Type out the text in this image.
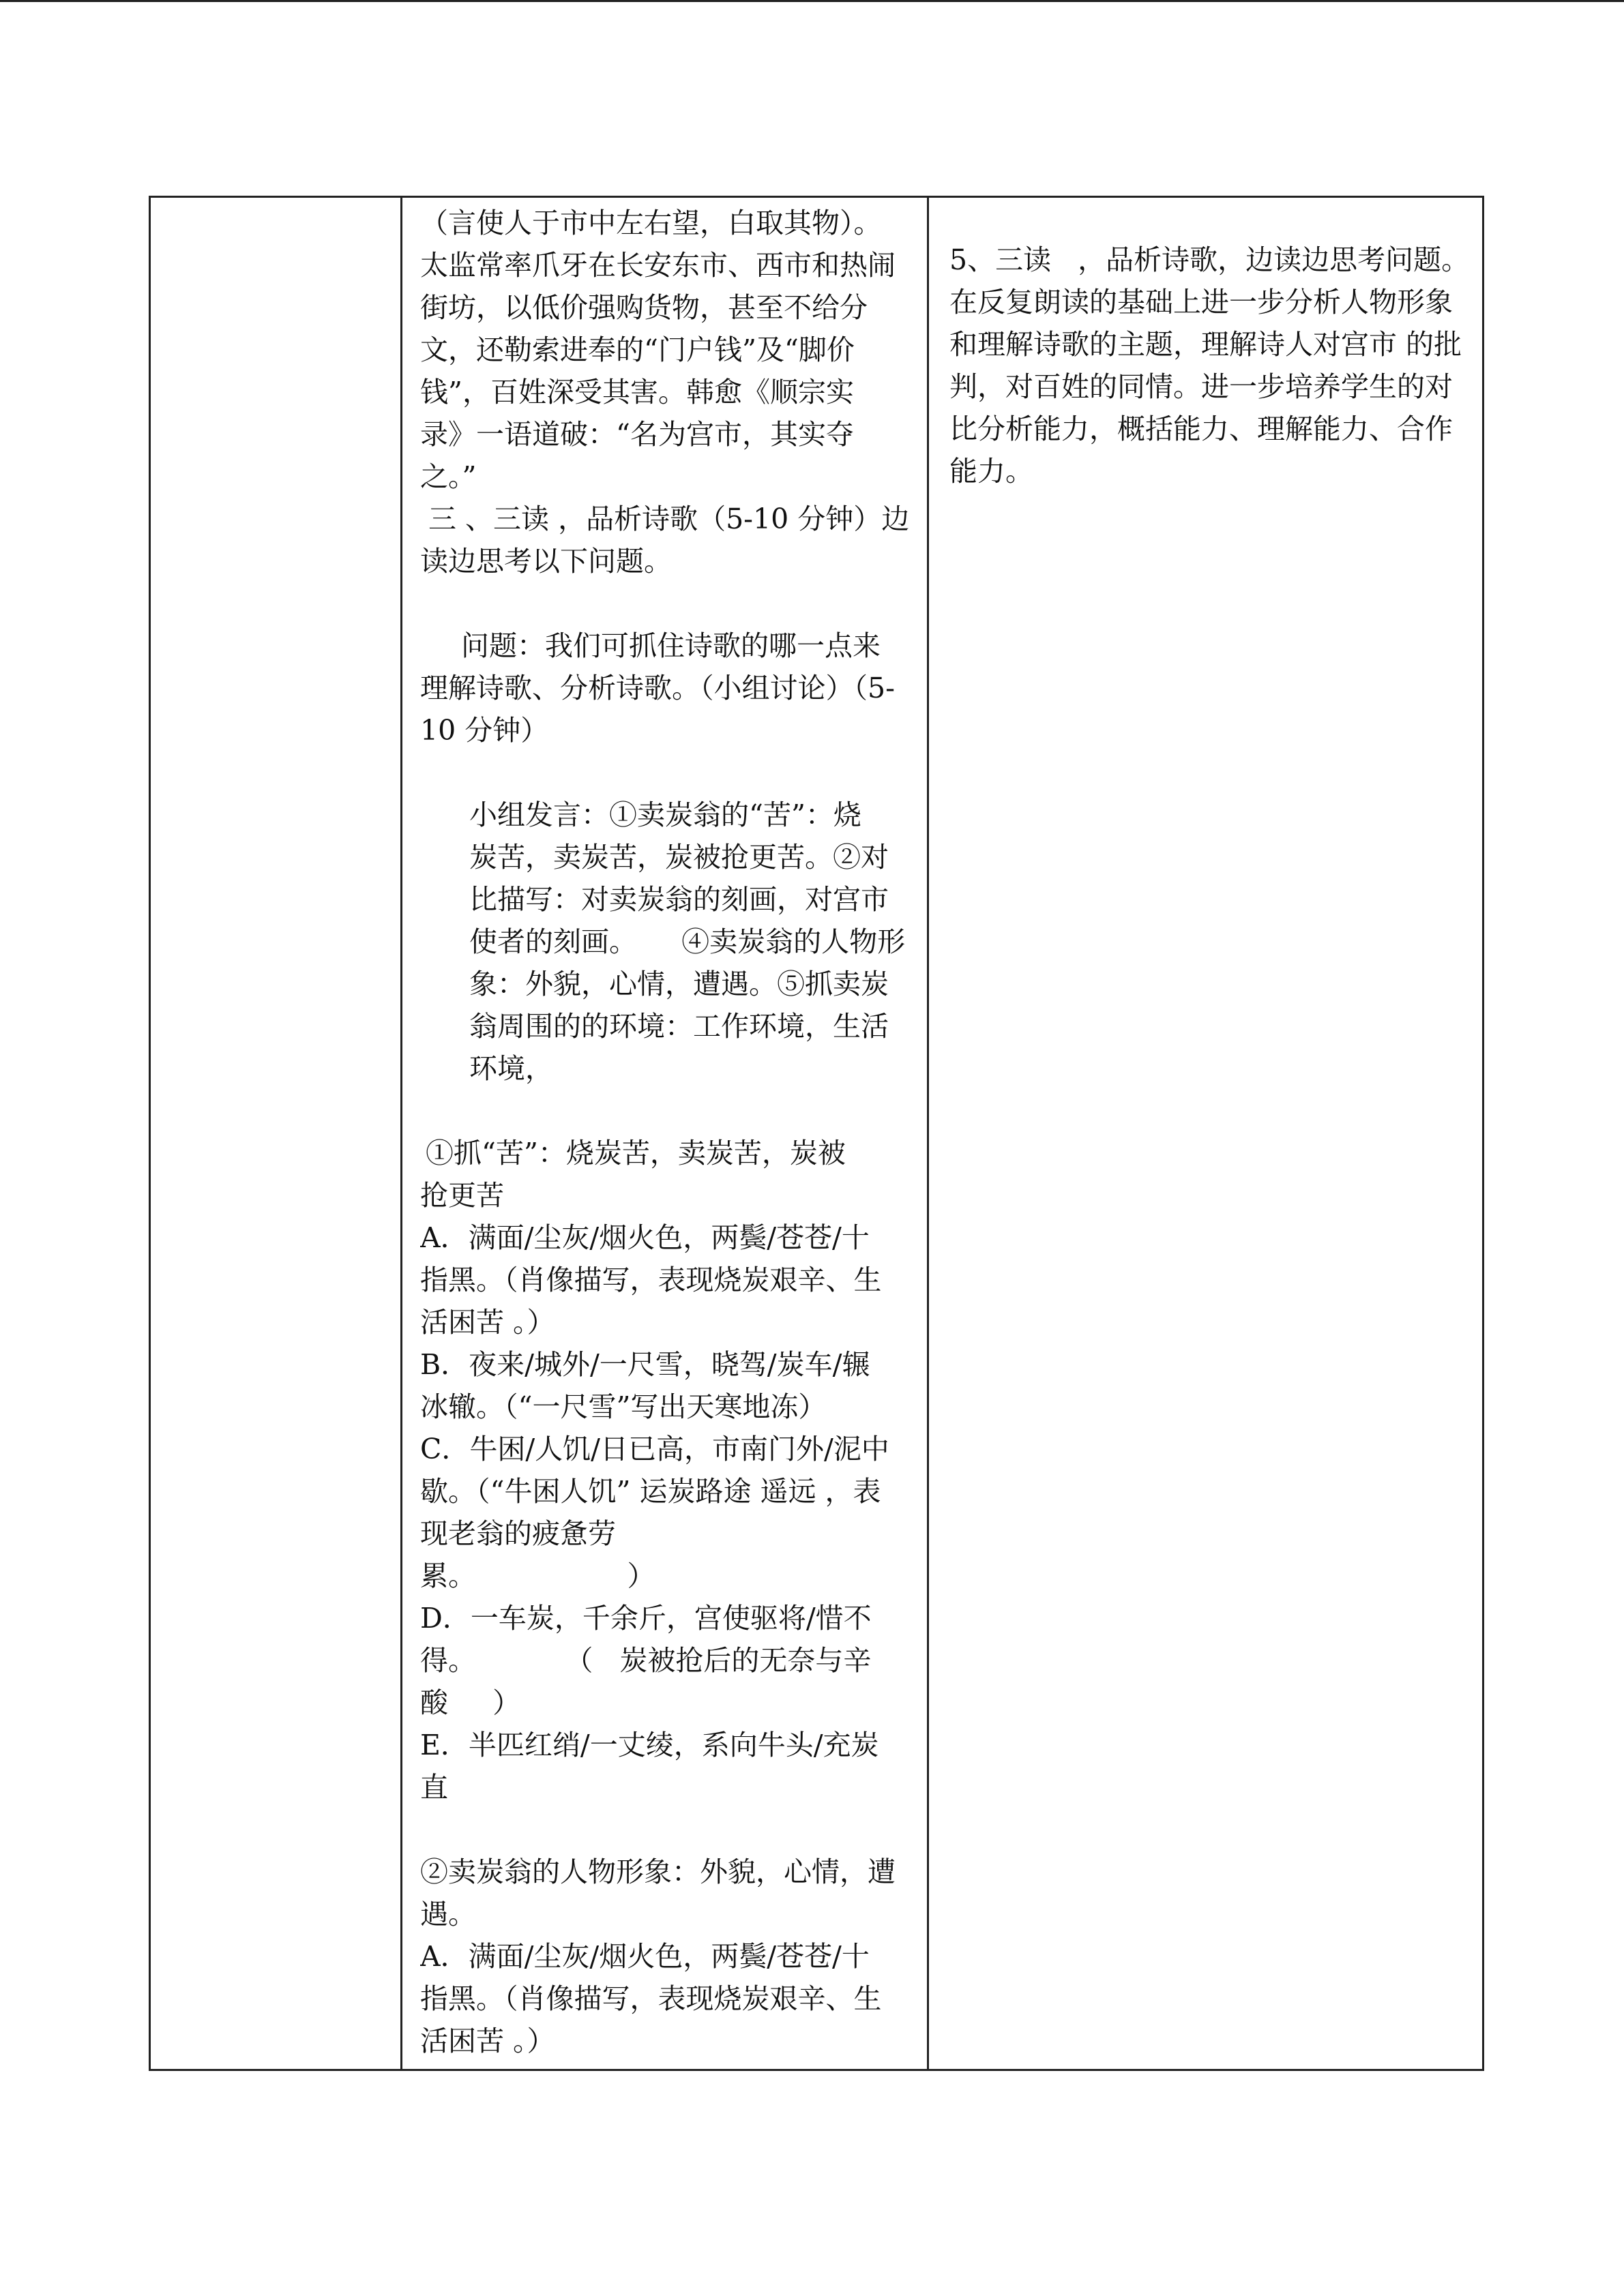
（言使人于市中左右望，白取其物）。
太监常率爪牙在长安东市、西市和热闹
街坊，以低价强购货物，甚至不给分
文，还勒索进奉的“门户钱”及“脚价
钱”，百姓深受其害。韩愈《顺宗实
录》一语道破：“名为宫市，其实夺
之。”
三 、三读 ，品析诗歌（5-10 分钟）边
读边思考以下问题。
问题：我们可抓住诗歌的哪一点来
理解诗歌、分析诗歌。（小组讨论）（5-
10 分钟）
小组发言：①卖炭翁的“苦”：烧
炭苦，卖炭苦，炭被抢更苦。②对
比描写：对卖炭翁的刻画，对宫市
使者的刻画。     ④卖炭翁的人物形
象：外貌，心情，遭遇。⑤抓卖炭
翁周围的的环境：工作环境，生活
环境，
①抓“苦”：烧炭苦，卖炭苦，炭被
抢更苦
A．满面/尘灰/烟火色，两鬓/苍苍/十
指黑。（肖像描写，表现烧炭艰辛、生
活困苦 。）
B．夜来/城外/一尺雪，晓驾/炭车/辗
冰辙。（“一尺雪”写出天寒地冻）
C．牛困/人饥/日已高，市南门外/泥中
歇。（“牛困人饥” 运炭路途 遥远 ，表
现老翁的疲惫劳
累。                 ）
D．一车炭，千余斤，宫使驱将/惜不
得。          （   炭被抢后的无奈与辛
酸     ）
E．半匹红绡/一丈绫，系向牛头/充炭
直
②卖炭翁的人物形象：外貌，心情，遭
遇。
A．满面/尘灰/烟火色，两鬓/苍苍/十
指黑。（肖像描写，表现烧炭艰辛、生
活困苦 。）
5、三读   ，品析诗歌，边读边思考问题。
在反复朗读的基础上进一步分析人物形象
和理解诗歌的主题，理解诗人对宫市 的批
判，对百姓的同情。进一步培养学生的对
比分析能力，概括能力、理解能力、合作
能力。
